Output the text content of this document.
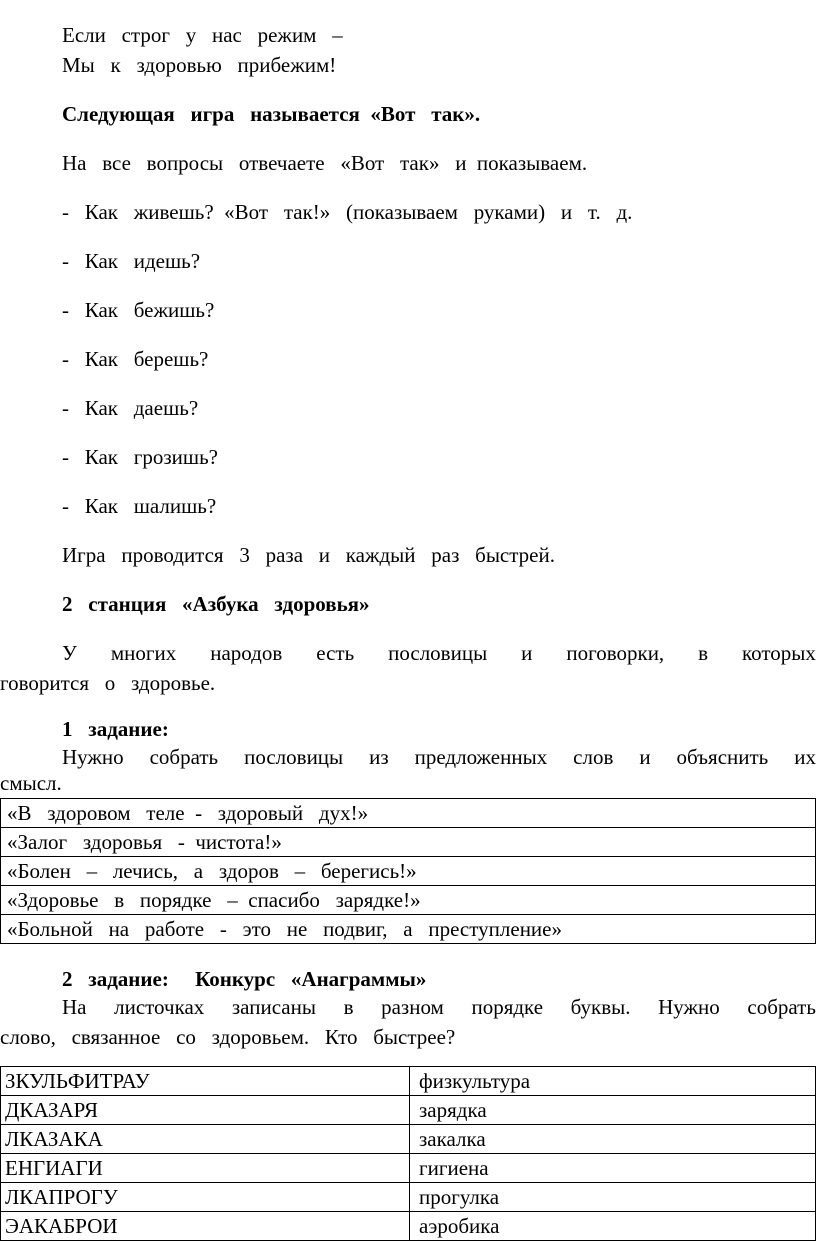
Если   строг   у   нас   режим   –
Мы   к   здоровью   прибежим!
Следующая   игра   называется  «Вот   так».
На   все   вопросы   отвечаете   «Вот   так»   и  показываем.
-   Как   живешь?  «Вот   так!»   (показываем   руками)   и   т.   д.
-   Как   идешь?
-   Как   бежишь?
-   Как   берешь?
-   Как   даешь?
-   Как   грозишь?
-   Как   шалишь?
Игра   проводится   3   раза   и   каждый   раз   быстрей.
2   станция   «Азбука   здоровья»
У многих народов есть пословицы и поговорки, в которых
говорится   о   здоровье.
1   задание:
Нужно собрать пословицы из предложенных слов и объяснить их
смысл.
«В   здоровом   теле  -   здоровый   дух!»
«Залог   здоровья   -  чистота!»
«Болен   –   лечись,   а   здоров   –   берегись!»
«Здоровье   в   порядке   –  спасибо   зарядке!»
«Больной   на   работе   -   это   не   подвиг,   а   преступление»
2   задание:     Конкурс   «Анаграммы»
На листочках записаны в разном порядке буквы. Нужно собрать
слово,   связанное   со   здоровьем.   Кто   быстрее?
ЗКУЛЬФИТРАУ	физкультура
ДКАЗАРЯ	зарядка
ЛКАЗАКА	закалка
ЕНГИАГИ	гигиена
ЛКАПРОГУ	прогулка
ЭАКАБРОИ	аэробика
